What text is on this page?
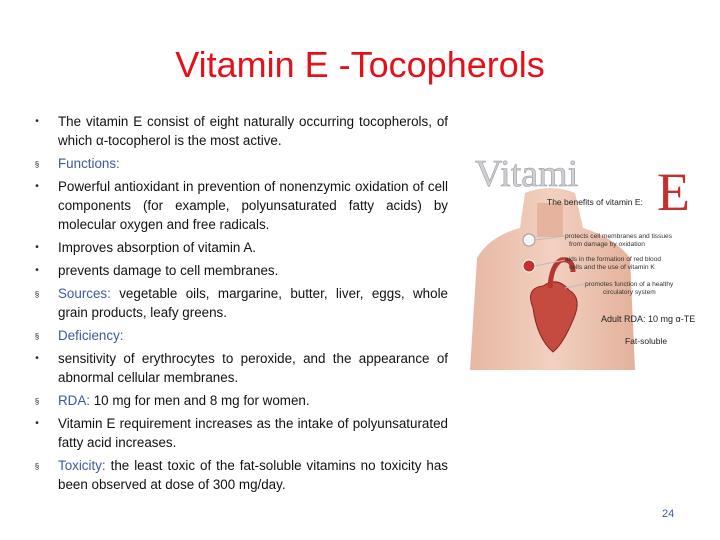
Vitamin E -Tocopherols
• The vitamin E consist of eight naturally occurring tocopherols, of which α-tocopherol is the most active.
§ Functions:
• Powerful antioxidant in prevention of nonenzymic oxidation of cell components (for example, polyunsaturated fatty acids) by molecular oxygen and free radicals.
• Improves absorption of vitamin A.
• prevents damage to cell membranes.
§ Sources: vegetable oils, margarine, butter, liver, eggs, whole grain products, leafy greens.
§ Deficiency:
• sensitivity of erythrocytes to peroxide, and the appearance of abnormal cellular membranes.
§ RDA: 10 mg for men and 8 mg for women.
• Vitamin E requirement increases as the intake of polyunsaturated fatty acid increases.
§ Toxicity: the least toxic of the fat-soluble vitamins no toxicity has been observed at dose of 300 mg/day.
Vitami E
The benefits of vitamin E:
protects cell membranes and tissues
from damage by oxidation
aids in the formation of red blood
cells and the use of vitamin K
promotes function of a healthy
circulatory system
Adult RDA: 10 mg α-TE
Fat-soluble
24
